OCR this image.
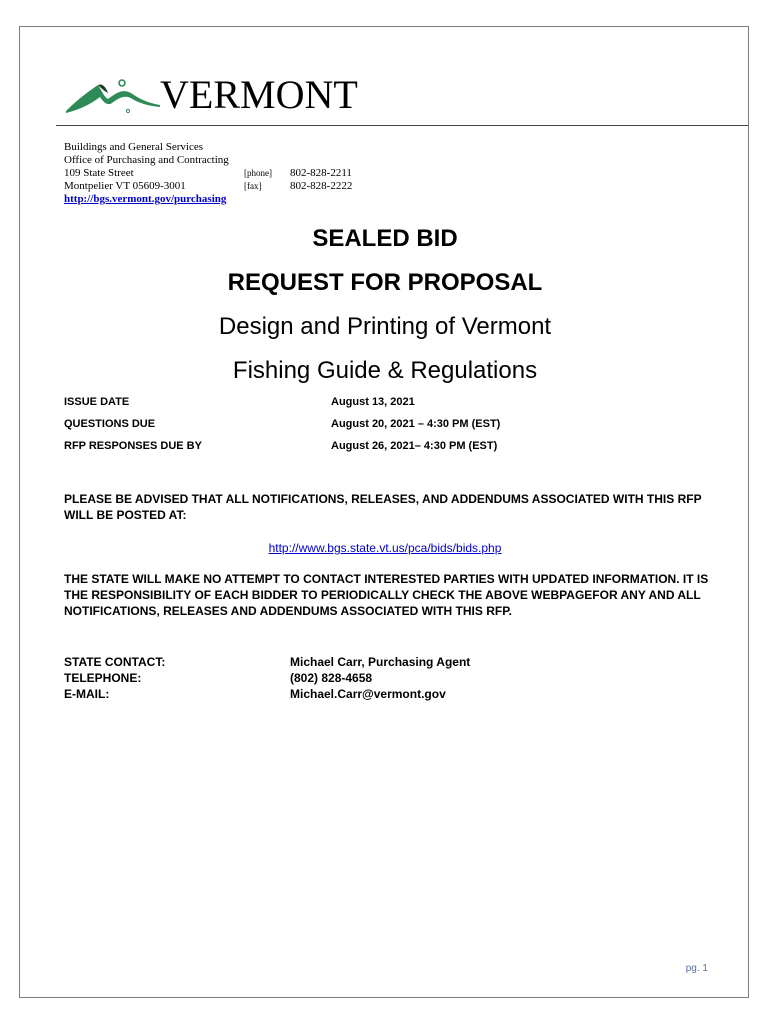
VERMONT
Buildings and General Services
Office of Purchasing and Contracting
109 State Street	[phone] 802-828-2211
Montpelier VT 05609-3001	[fax]	802-828-2222
http://bgs.vermont.gov/purchasing
SEALED BID
REQUEST FOR PROPOSAL
Design and Printing of Vermont
Fishing Guide & Regulations
ISSUE DATE	August 13, 2021
QUESTIONS DUE	August 20, 2021 – 4:30 PM (EST)
RFP RESPONSES DUE BY	August 26, 2021– 4:30 PM (EST)
PLEASE BE ADVISED THAT ALL NOTIFICATIONS, RELEASES, AND ADDENDUMS ASSOCIATED WITH THIS RFP WILL BE POSTED AT:
http://www.bgs.state.vt.us/pca/bids/bids.php
THE STATE WILL MAKE NO ATTEMPT TO CONTACT INTERESTED PARTIES WITH UPDATED INFORMATION. IT IS THE RESPONSIBILITY OF EACH BIDDER TO PERIODICALLY CHECK THE ABOVE WEBPAGEFOR ANY AND ALL NOTIFICATIONS, RELEASES AND ADDENDUMS ASSOCIATED WITH THIS RFP.
STATE CONTACT:	Michael Carr, Purchasing Agent
TELEPHONE:	(802) 828-4658
E-MAIL:	Michael.Carr@vermont.gov
pg. 1
